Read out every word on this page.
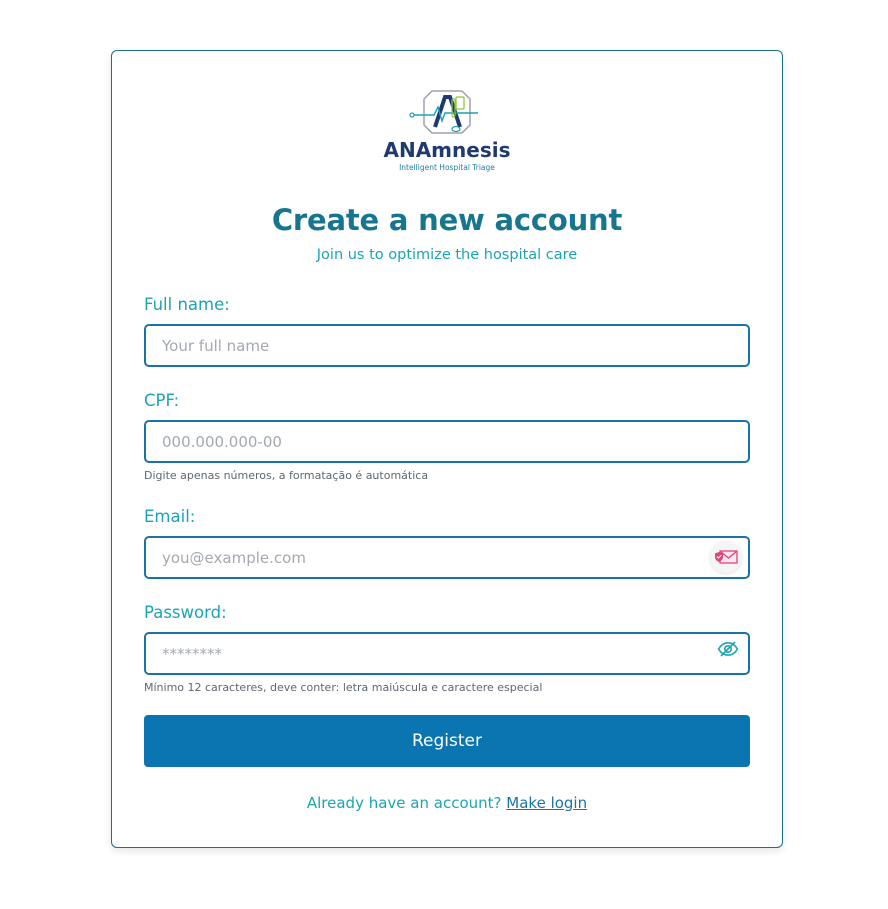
ANAmnesis
Intelligent Hospital Triage
Create a new account
Join us to optimize the hospital care
Full name:
Your full name
CPF:
000.000.000-00
Digite apenas números, a formatação é automática
Email:
you@example.com
Password:
Mínimo 12 caracteres, deve conter: letra maiúscula e caractere especial
Register
Already have an account? Make login
